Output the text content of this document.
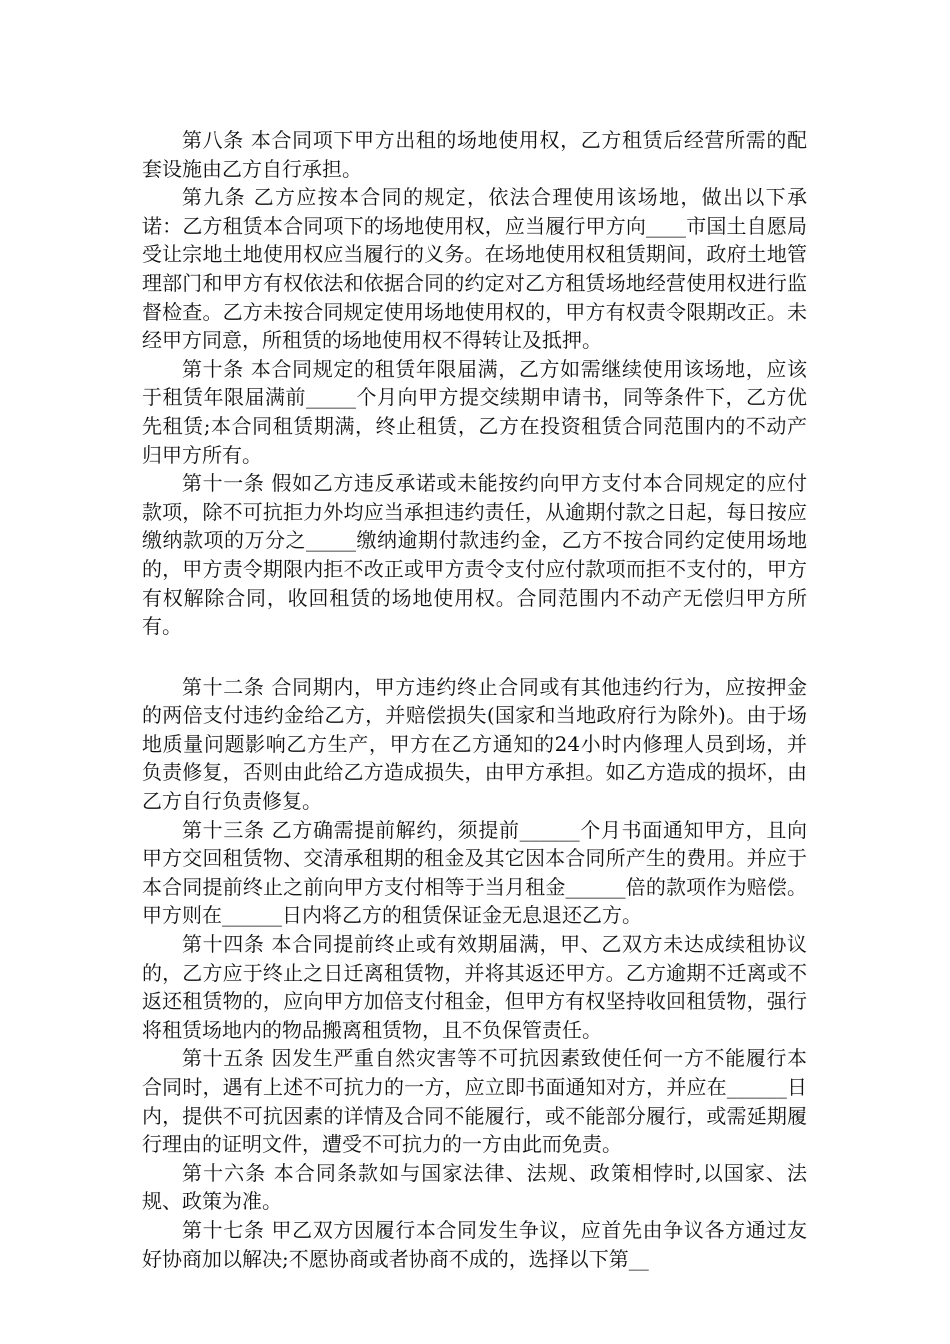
第八条 本合同项下甲方出租的场地使用权，乙方租赁后经营所需的配套设施由乙方自行承担。

第九条 乙方应按本合同的规定，依法合理使用该场地，做出以下承诺：乙方租赁本合同项下的场地使用权，应当履行甲方向____市国土自愿局受让宗地土地使用权应当履行的义务。在场地使用权租赁期间，政府土地管理部门和甲方有权依法和依据合同的约定对乙方租赁场地经营使用权进行监督检查。乙方未按合同规定使用场地使用权的，甲方有权责令限期改正。未经甲方同意，所租赁的场地使用权不得转让及抵押。

第十条 本合同规定的租赁年限届满，乙方如需继续使用该场地，应该于租赁年限届满前_____个月向甲方提交续期申请书，同等条件下，乙方优先租赁;本合同租赁期满，终止租赁，乙方在投资租赁合同范围内的不动产归甲方所有。

第十一条 假如乙方违反承诺或未能按约向甲方支付本合同规定的应付款项，除不可抗拒力外均应当承担违约责任，从逾期付款之日起，每日按应缴纳款项的万分之_____缴纳逾期付款违约金，乙方不按合同约定使用场地的，甲方责令期限内拒不改正或甲方责令支付应付款项而拒不支付的，甲方有权解除合同，收回租赁的场地使用权。合同范围内不动产无偿归甲方所有。

第十二条 合同期内，甲方违约终止合同或有其他违约行为，应按押金的两倍支付违约金给乙方，并赔偿损失(国家和当地政府行为除外)。由于场地质量问题影响乙方生产，甲方在乙方通知的24小时内修理人员到场，并负责修复，否则由此给乙方造成损失，由甲方承担。如乙方造成的损坏，由乙方自行负责修复。

第十三条 乙方确需提前解约，须提前______个月书面通知甲方，且向甲方交回租赁物、交清承租期的租金及其它因本合同所产生的费用。并应于本合同提前终止之前向甲方支付相等于当月租金______倍的款项作为赔偿。甲方则在______日内将乙方的租赁保证金无息退还乙方。

第十四条 本合同提前终止或有效期届满，甲、乙双方未达成续租协议的，乙方应于终止之日迁离租赁物，并将其返还甲方。乙方逾期不迁离或不返还租赁物的，应向甲方加倍支付租金，但甲方有权坚持收回租赁物，强行将租赁场地内的物品搬离租赁物，且不负保管责任。

第十五条 因发生严重自然灾害等不可抗因素致使任何一方不能履行本合同时，遇有上述不可抗力的一方，应立即书面通知对方，并应在______日内，提供不可抗因素的详情及合同不能履行，或不能部分履行，或需延期履行理由的证明文件，遭受不可抗力的一方由此而免责。

第十六条 本合同条款如与国家法律、法规、政策相悖时,以国家、法规、政策为准。

第十七条 甲乙双方因履行本合同发生争议，应首先由争议各方通过友好协商加以解决;不愿协商或者协商不成的，选择以下第__
